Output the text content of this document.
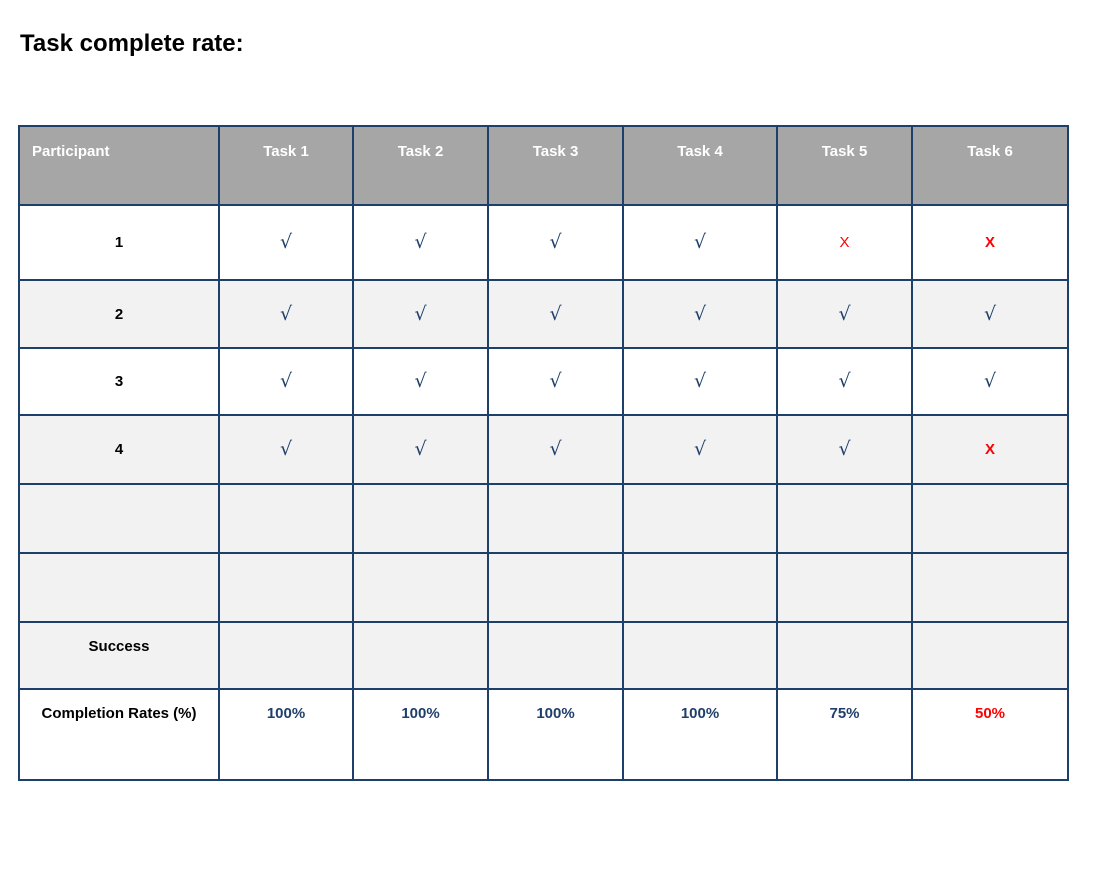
Task complete rate:
Participant	Task 1	Task 2	Task 3	Task 4	Task 5	Task 6
1	√	√	√	√	X	X
2	√	√	√	√	√	√
3	√	√	√	√	√	√
4	√	√	√	√	√	X

Success						
Completion Rates (%)	100%	100%	100%	100%	75%	50%
